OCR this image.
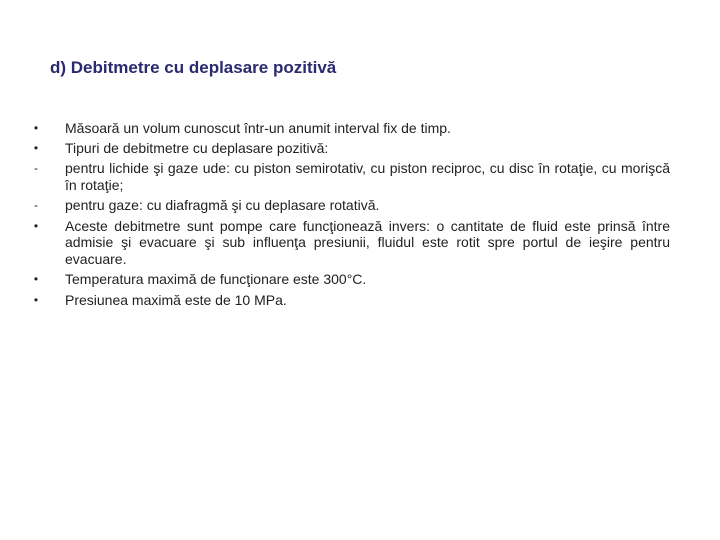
d) Debitmetre cu deplasare pozitivă
• Măsoară un volum cunoscut într-un anumit interval fix de timp.
• Tipuri de debitmetre cu deplasare pozitivă:
- pentru lichide şi gaze ude: cu piston semirotativ, cu piston reciproc, cu disc în rotaţie, cu morişcă în rotaţie;
- pentru gaze: cu diafragmă şi cu deplasare rotativă.
• Aceste debitmetre sunt pompe care funcţionează invers: o cantitate de fluid este prinsă între admisie şi evacuare şi sub influenţa presiunii, fluidul este rotit spre portul de ieşire pentru evacuare.
• Temperatura maximă de funcţionare este 300°C.
• Presiunea maximă este de 10 MPa.
